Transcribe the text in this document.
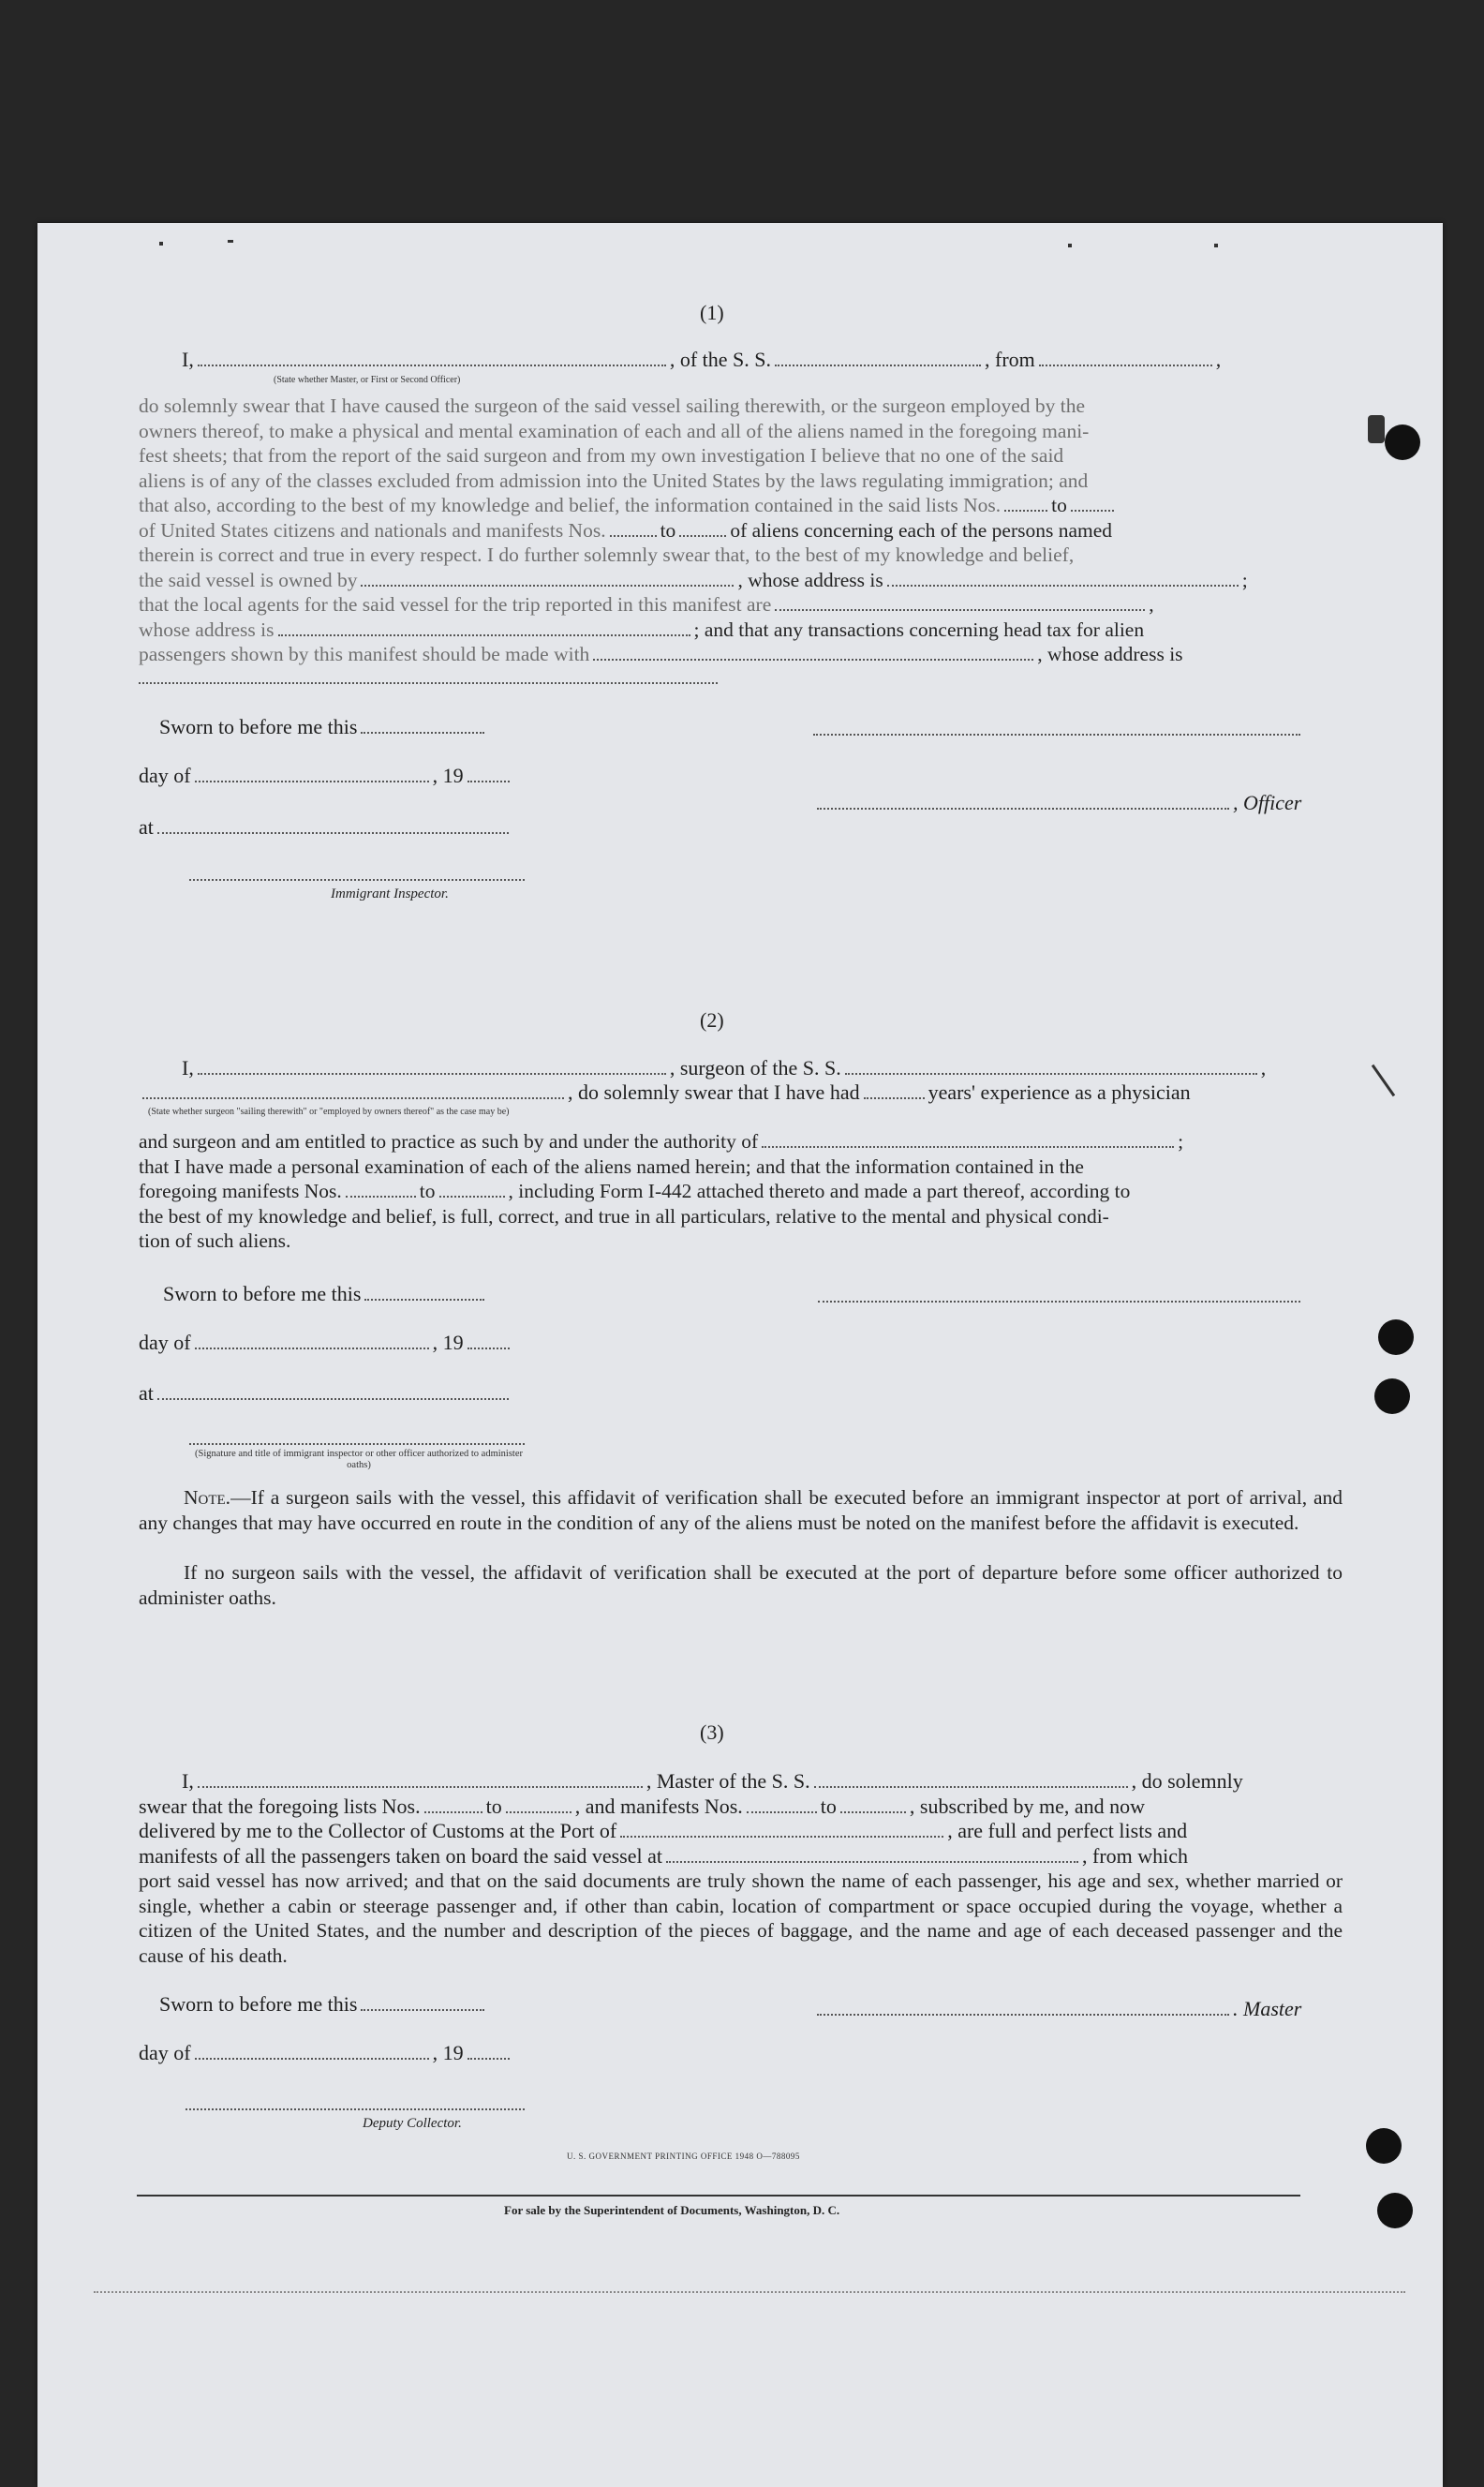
(1)
I,	, of the S. S.	, from	,
(State whether Master, or First or Second Officer)
do solemnly swear that I have caused the surgeon of the said vessel sailing therewith, or the surgeon employed by the
owners thereof, to make a physical and mental examination of each and all of the aliens named in the foregoing mani-
fest sheets; that from the report of the said surgeon and from my own investigation I believe that no one of the said
aliens is of any of the classes excluded from admission into the United States by the laws regulating immigration; and
that also, according to the best of my knowledge and belief, the information contained in the said lists Nos.	to
of United States citizens and nationals and manifests Nos.	to	of aliens concerning each of the persons named
therein is correct and true in every respect. I do further solemnly swear that, to the best of my knowledge and belief,
the said vessel is owned by	, whose address is	;
that the local agents for the said vessel for the trip reported in this manifest are	,
whose address is	; and that any transactions concerning head tax for alien
passengers shown by this manifest should be made with	, whose address is
Sworn to before me this
day of	, 19
, Officer
at
Immigrant Inspector.
(2)
I,	, surgeon of the S. S.	,
, do solemnly swear that I have had	years' experience as a physician
(State whether surgeon "sailing therewith" or "employed by owners thereof" as the case may be)
and surgeon and am entitled to practice as such by and under the authority of	;
that I have made a personal examination of each of the aliens named herein; and that the information contained in the
foregoing manifests Nos.	to	, including Form I-442 attached thereto and made a part thereof, according to
the best of my knowledge and belief, is full, correct, and true in all particulars, relative to the mental and physical condi-
tion of such aliens.
Sworn to before me this
day of	, 19
at
(Signature and title of immigrant inspector or other officer authorized to administer oaths)
Note.—If a surgeon sails with the vessel, this affidavit of verification shall be executed before an immigrant inspector at port of arrival, and any changes that may have occurred en route in the condition of any of the aliens must be noted on the manifest before the affidavit is executed.
If no surgeon sails with the vessel, the affidavit of verification shall be executed at the port of departure before some officer authorized to administer oaths.
(3)
I,	, Master of the S. S.	, do solemnly
swear that the foregoing lists Nos.	to	, and manifests Nos.	to	, subscribed by me, and now
delivered by me to the Collector of Customs at the Port of	, are full and perfect lists and
manifests of all the passengers taken on board the said vessel at	, from which
port said vessel has now arrived; and that on the said documents are truly shown the name of each passenger, his age and sex, whether married or single, whether a cabin or steerage passenger and, if other than cabin, location of compartment or space occupied during the voyage, whether a citizen of the United States, and the number and description of the pieces of baggage, and the name and age of each deceased passenger and the cause of his death.
Sworn to before me this	. Master
day of	, 19
Deputy Collector.
U. S. GOVERNMENT PRINTING OFFICE 1948 O—788095
For sale by the Superintendent of Documents, Washington, D. C.
